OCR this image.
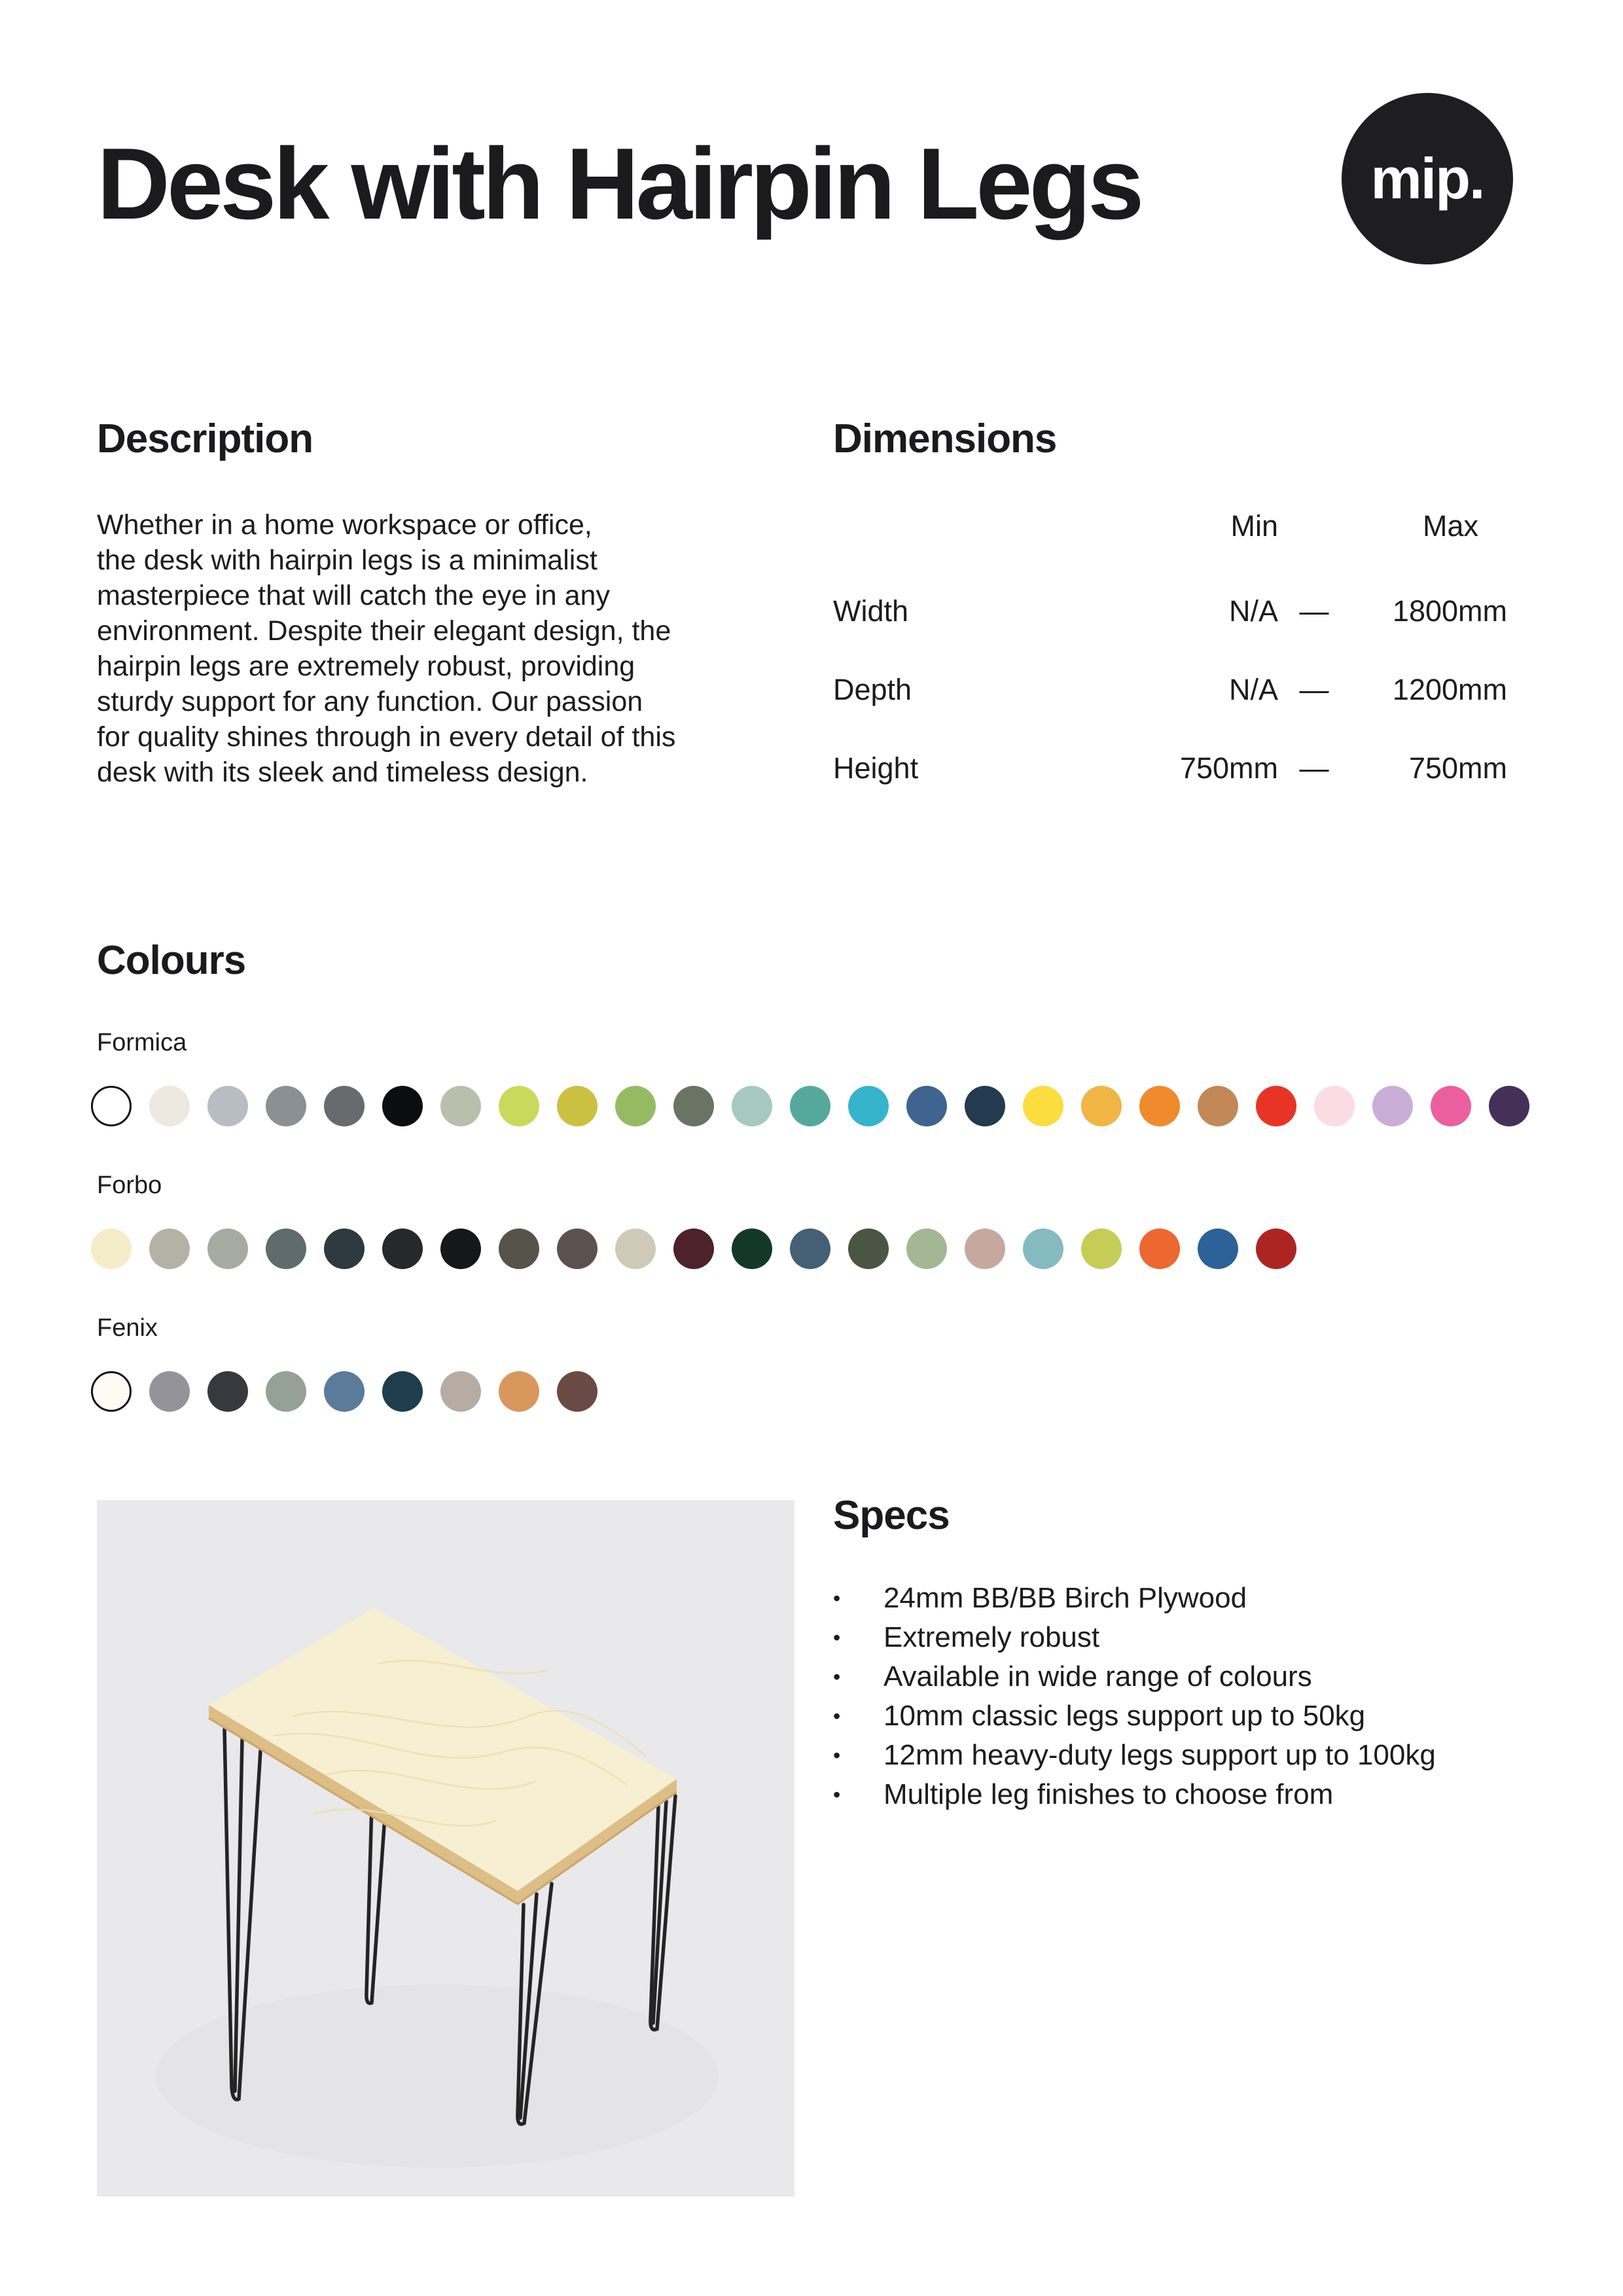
Desk with Hairpin Legs	mip.
Description
Whether in a home workspace or office,
the desk with hairpin legs is a minimalist
masterpiece that will catch the eye in any
environment. Despite their elegant design, the
hairpin legs are extremely robust, providing
sturdy support for any function. Our passion
for quality shines through in every detail of this
desk with its sleek and timeless design.
Dimensions
Min	Max
Width	N/A —	1800mm
Depth	N/A —	1200mm
Height	750mm —	750mm
Colours
Formica
Forbo
Fenix
Specs
•	24mm BB/BB Birch Plywood
•	Extremely robust
•	Available in wide range of colours
•	10mm classic legs support up to 50kg
•	12mm heavy-duty legs support up to 100kg
•	Multiple leg finishes to choose from
